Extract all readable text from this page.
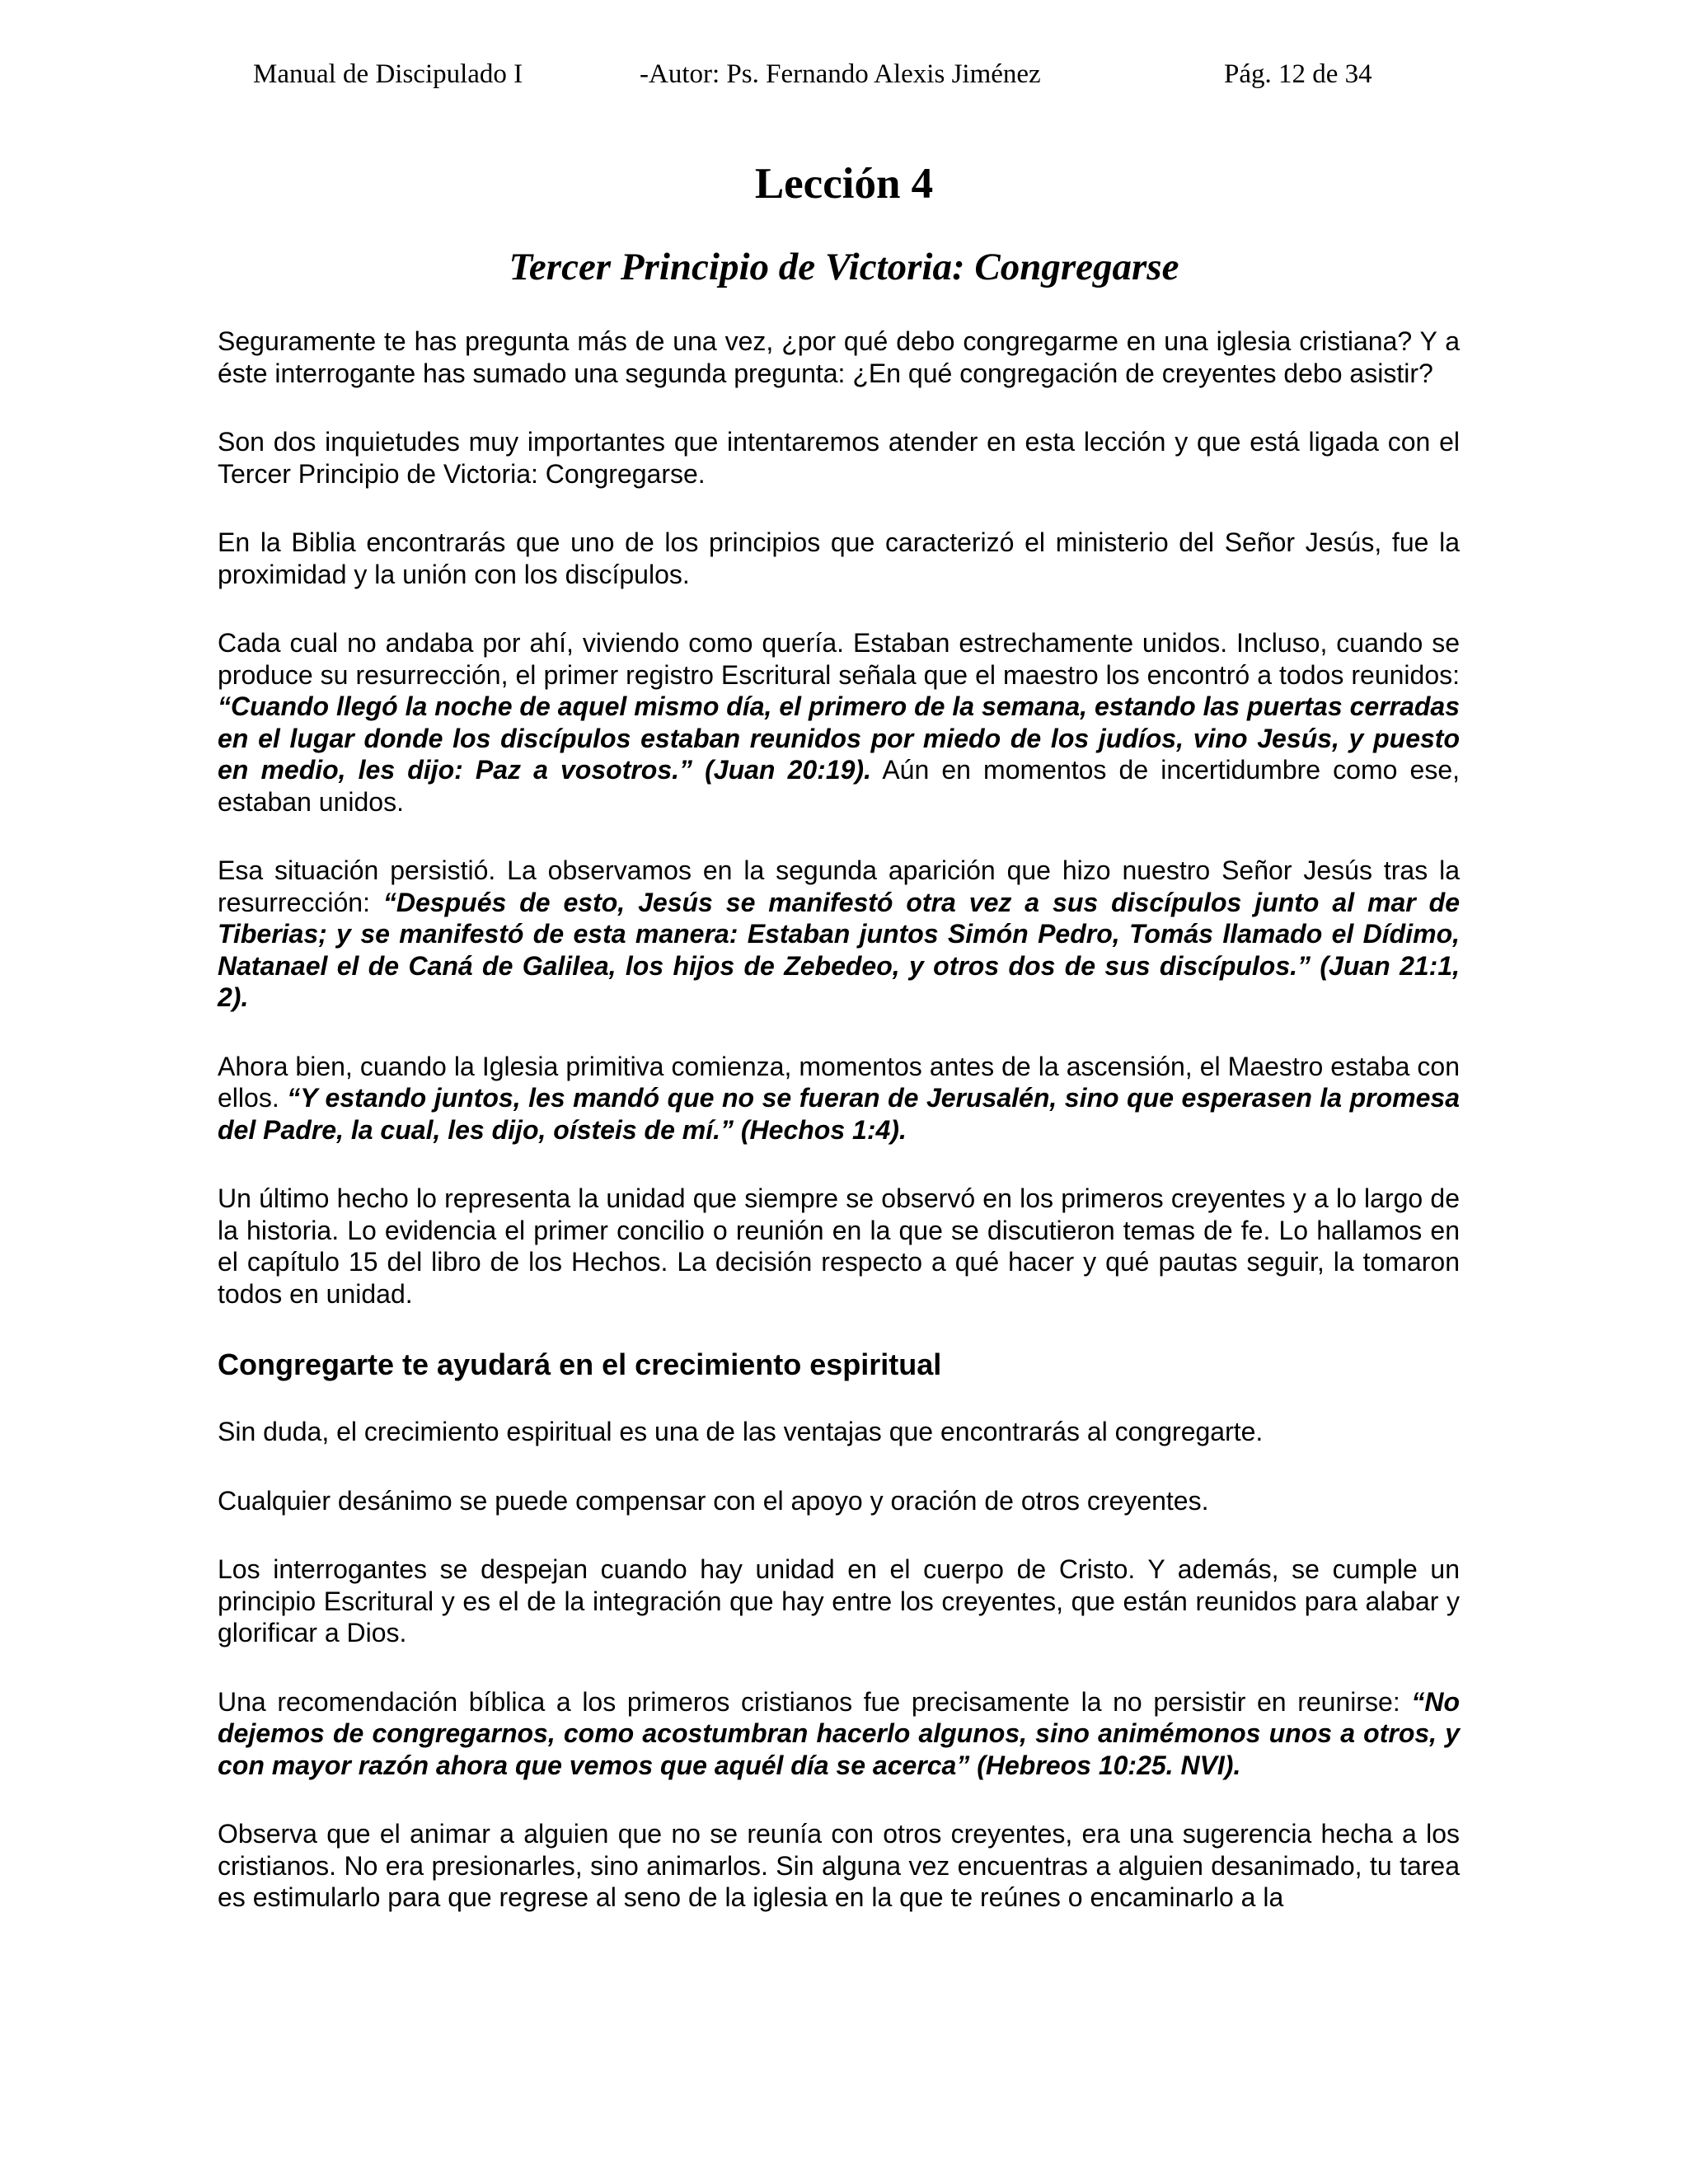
Manual de Discipulado I	-Autor: Ps. Fernando Alexis Jiménez	Pág. 12 de 34
Lección 4
Tercer Principio de Victoria: Congregarse

Seguramente te has pregunta más de una vez, ¿por qué debo congregarme en una iglesia cristiana? Y a éste interrogante has sumado una segunda pregunta: ¿En qué congregación de creyentes debo asistir?

Son dos inquietudes muy importantes que intentaremos atender en esta lección y que está ligada con el Tercer Principio de Victoria: Congregarse.

En la Biblia encontrarás que uno de los principios que caracterizó el ministerio del Señor Jesús, fue la proximidad y la unión con los discípulos.

Cada cual no andaba por ahí, viviendo como quería. Estaban estrechamente unidos. Incluso, cuando se produce su resurrección, el primer registro Escritural señala que el maestro los encontró a todos reunidos: “Cuando llegó la noche de aquel mismo día, el primero de la semana, estando las puertas cerradas en el lugar donde los discípulos estaban reunidos por miedo de los judíos, vino Jesús, y puesto en medio, les dijo: Paz a vosotros.” (Juan 20:19). Aún en momentos de incertidumbre como ese, estaban unidos.

Esa situación persistió. La observamos en la segunda aparición que hizo nuestro Señor Jesús tras la resurrección: “Después de esto, Jesús se manifestó otra vez a sus discípulos junto al mar de Tiberias; y se manifestó de esta manera: Estaban juntos Simón Pedro, Tomás llamado el Dídimo, Natanael el de Caná de Galilea, los hijos de Zebedeo, y otros dos de sus discípulos.” (Juan 21:1, 2).

Ahora bien, cuando la Iglesia primitiva comienza, momentos antes de la ascensión, el Maestro estaba con ellos. “Y estando juntos, les mandó que no se fueran de Jerusalén, sino que esperasen la promesa del Padre, la cual, les dijo, oísteis de mí.” (Hechos 1:4).

Un último hecho lo representa la unidad que siempre se observó en los primeros creyentes y a lo largo de la historia. Lo evidencia el primer concilio o reunión en la que se discutieron temas de fe. Lo hallamos en el capítulo 15 del libro de los Hechos. La decisión respecto a qué hacer y qué pautas seguir, la tomaron todos en unidad.

Congregarte te ayudará en el crecimiento espiritual

Sin duda, el crecimiento espiritual es una de las ventajas que encontrarás al congregarte.

Cualquier desánimo se puede compensar con el apoyo y oración de otros creyentes.

Los interrogantes se despejan cuando hay unidad en el cuerpo de Cristo. Y además, se cumple un principio Escritural y es el de la integración que hay entre los creyentes, que están reunidos para alabar y glorificar a Dios.

Una recomendación bíblica a los primeros cristianos fue precisamente la no persistir en reunirse: “No dejemos de congregarnos, como acostumbran hacerlo algunos, sino animémonos unos a otros, y con mayor razón ahora que vemos que aquél día se acerca” (Hebreos 10:25. NVI).

Observa que el animar a alguien que no se reunía con otros creyentes, era una sugerencia hecha a los cristianos. No era presionarles, sino animarlos. Sin alguna vez encuentras a alguien desanimado, tu tarea es estimularlo para que regrese al seno de la iglesia en la que te reúnes o encaminarlo a la
